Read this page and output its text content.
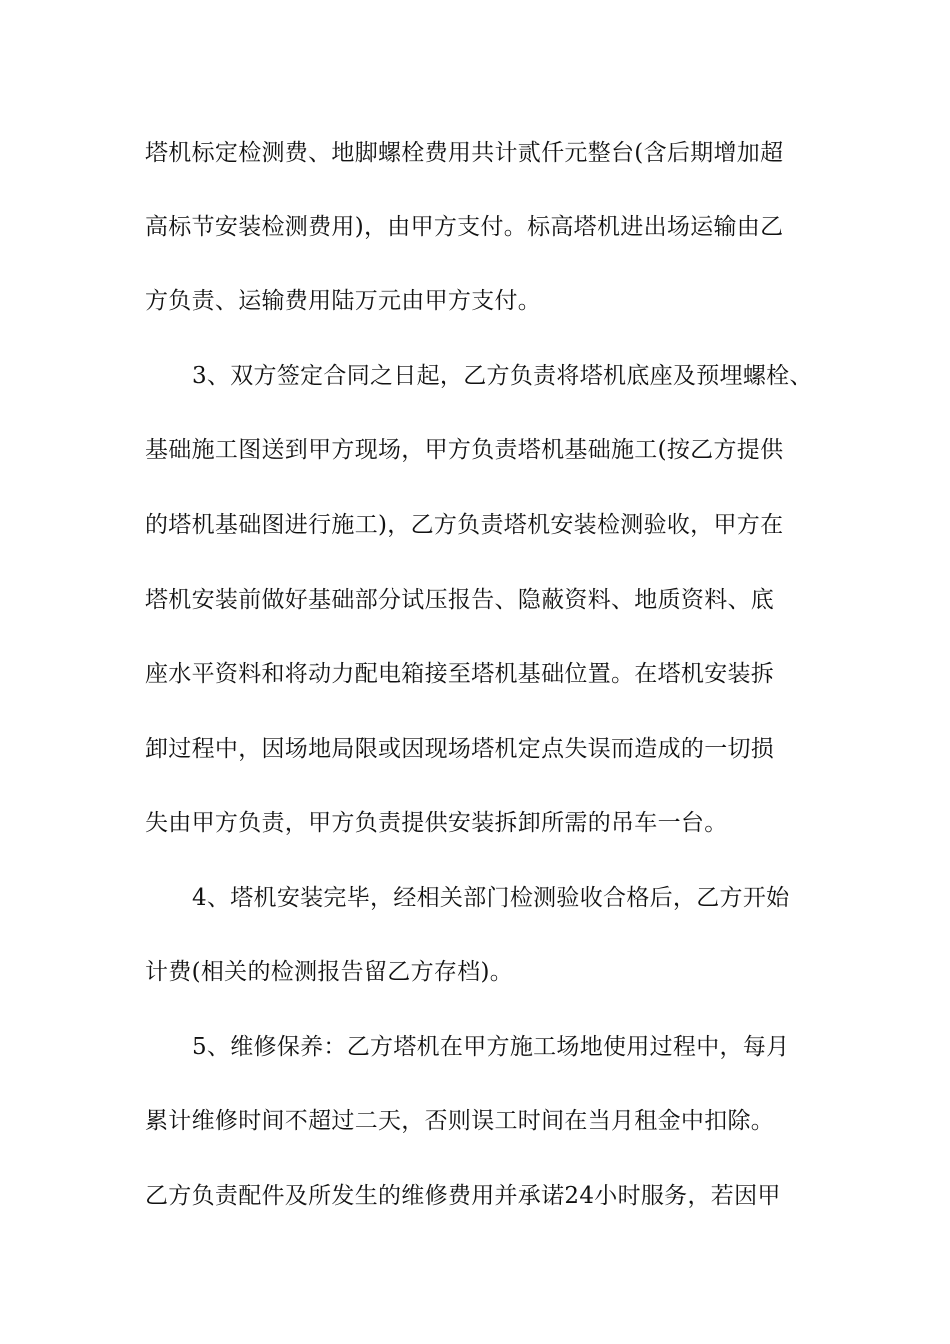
塔机标定检测费、地脚螺栓费用共计贰仟元整台(含后期增加超
高标节安装检测费用)，由甲方支付。标高塔机进出场运输由乙
方负责、运输费用陆万元由甲方支付。
3、双方签定合同之日起，乙方负责将塔机底座及预埋螺栓、
基础施工图送到甲方现场，甲方负责塔机基础施工(按乙方提供
的塔机基础图进行施工)，乙方负责塔机安装检测验收，甲方在
塔机安装前做好基础部分试压报告、隐蔽资料、地质资料、底
座水平资料和将动力配电箱接至塔机基础位置。在塔机安装拆
卸过程中，因场地局限或因现场塔机定点失误而造成的一切损
失由甲方负责，甲方负责提供安装拆卸所需的吊车一台。
4、塔机安装完毕，经相关部门检测验收合格后，乙方开始
计费(相关的检测报告留乙方存档)。
5、维修保养：乙方塔机在甲方施工场地使用过程中，每月
累计维修时间不超过二天，否则误工时间在当月租金中扣除。
乙方负责配件及所发生的维修费用并承诺24小时服务，若因甲
